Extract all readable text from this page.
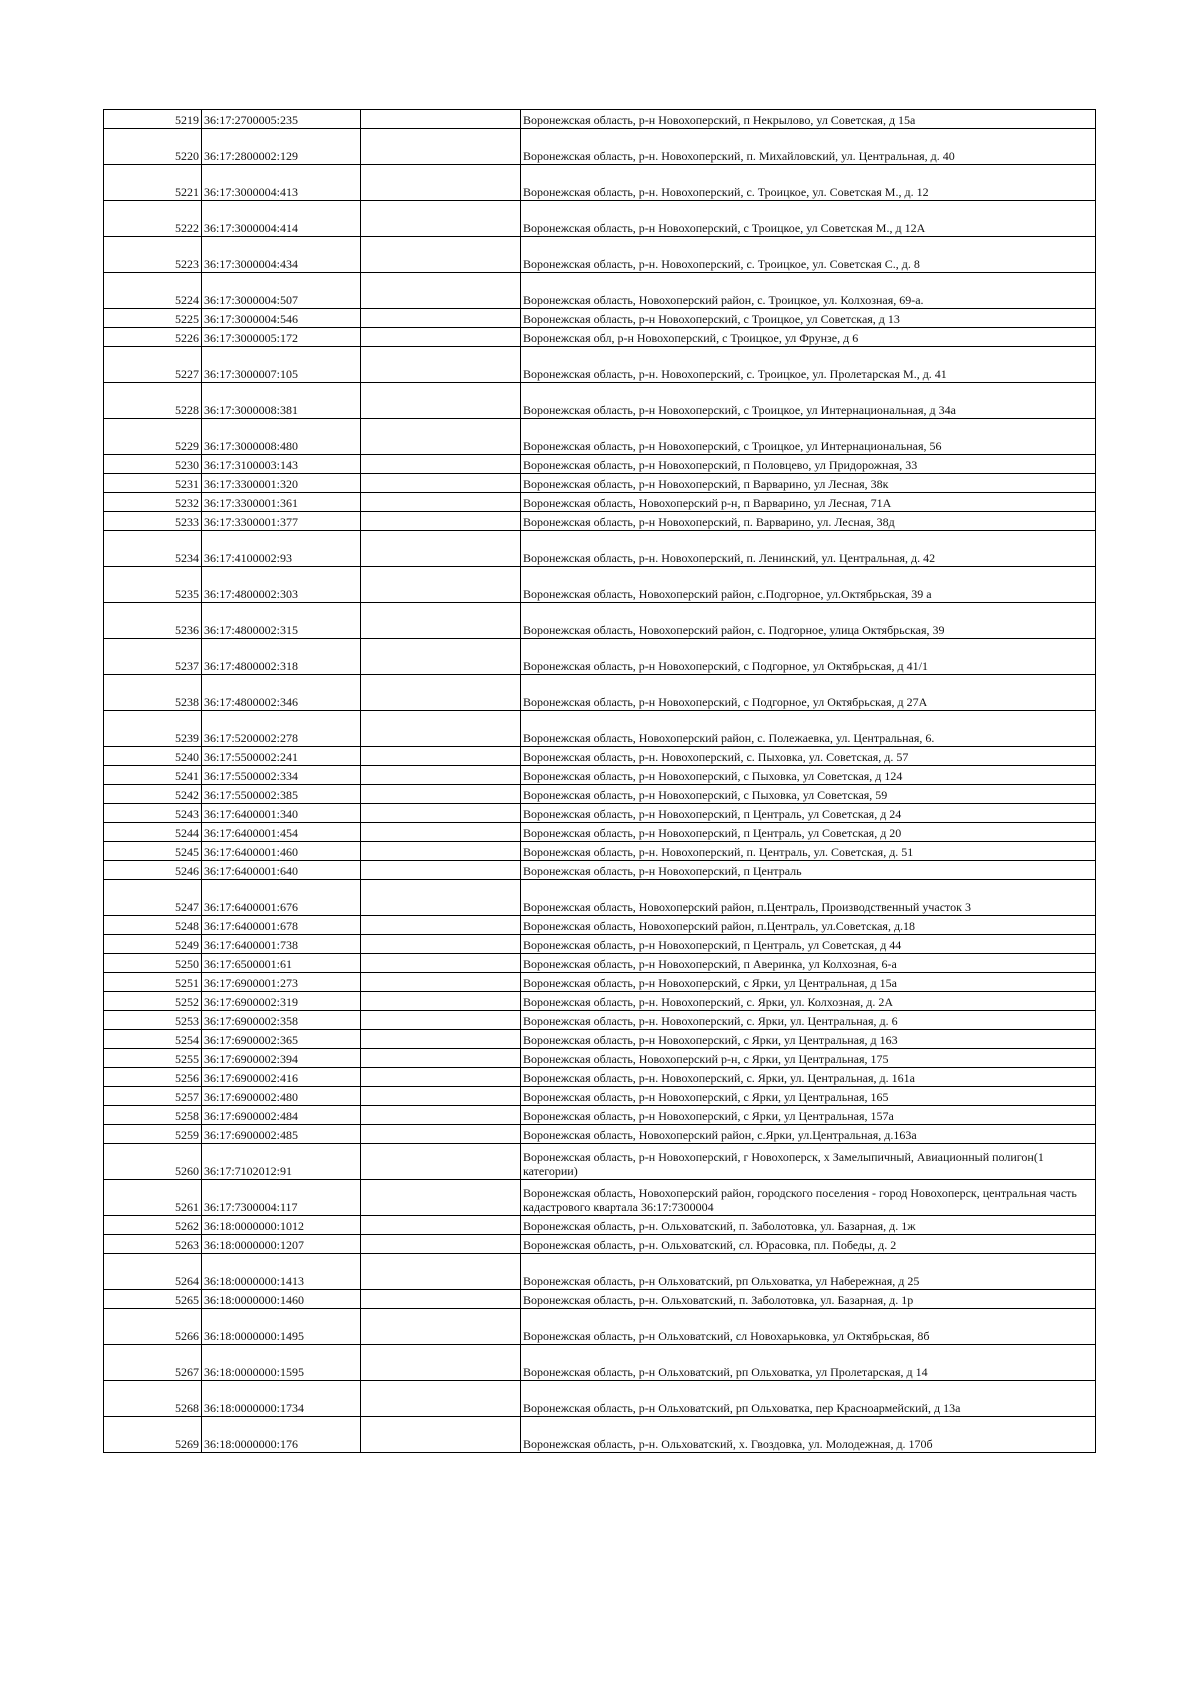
5219	36:17:2700005:235		Воронежская область, р-н Новохоперский, п Некрылово, ул Советская, д 15а
5220	36:17:2800002:129		Воронежская область, р-н. Новохоперский, п. Михайловский, ул. Центральная, д. 40
5221	36:17:3000004:413		Воронежская область, р-н. Новохоперский, с. Троицкое, ул. Советская М., д. 12
5222	36:17:3000004:414		Воронежская область, р-н Новохоперский, с Троицкое, ул Советская М., д 12А
5223	36:17:3000004:434		Воронежская область, р-н. Новохоперский, с. Троицкое, ул. Советская С., д. 8
5224	36:17:3000004:507		Воронежская область, Новохоперский район, с. Троицкое, ул. Колхозная, 69-а.
5225	36:17:3000004:546		Воронежская область, р-н Новохоперский, с Троицкое, ул Советская, д 13
5226	36:17:3000005:172		Воронежская обл, р-н Новохоперский, с Троицкое, ул Фрунзе, д 6
5227	36:17:3000007:105		Воронежская область, р-н. Новохоперский, с. Троицкое, ул. Пролетарская М., д. 41
5228	36:17:3000008:381		Воронежская область, р-н Новохоперский, с Троицкое, ул Интернациональная, д 34а
5229	36:17:3000008:480		Воронежская область, р-н Новохоперский, с Троицкое, ул Интернациональная, 56
5230	36:17:3100003:143		Воронежская область, р-н Новохоперский, п Половцево, ул Придорожная, 33
5231	36:17:3300001:320		Воронежская область, р-н Новохоперский, п Варварино, ул Лесная, 38к
5232	36:17:3300001:361		Воронежская область, Новохоперский р-н, п Варварино, ул Лесная, 71А
5233	36:17:3300001:377		Воронежская область, р-н Новохоперский, п. Варварино, ул. Лесная, 38д
5234	36:17:4100002:93		Воронежская область, р-н. Новохоперский, п. Ленинский, ул. Центральная, д. 42
5235	36:17:4800002:303		Воронежская область, Новохоперский район, с.Подгорное, ул.Октябрьская, 39 а
5236	36:17:4800002:315		Воронежская область, Новохоперский район, с. Подгорное, улица Октябрьская, 39
5237	36:17:4800002:318		Воронежская область, р-н Новохоперский, с Подгорное, ул Октябрьская, д 41/1
5238	36:17:4800002:346		Воронежская область, р-н Новохоперский, с Подгорное, ул Октябрьская, д 27А
5239	36:17:5200002:278		Воронежская область, Новохоперский район, с. Полежаевка, ул. Центральная, 6.
5240	36:17:5500002:241		Воронежская область, р-н. Новохоперский, с. Пыховка, ул. Советская, д. 57
5241	36:17:5500002:334		Воронежская область, р-н Новохоперский, с Пыховка, ул Советская, д 124
5242	36:17:5500002:385		Воронежская область, р-н Новохоперский, с Пыховка, ул Советская, 59
5243	36:17:6400001:340		Воронежская область, р-н Новохоперский, п Централь, ул Советская, д 24
5244	36:17:6400001:454		Воронежская область, р-н Новохоперский, п Централь, ул Советская, д 20
5245	36:17:6400001:460		Воронежская область, р-н. Новохоперский, п. Централь, ул. Советская, д. 51
5246	36:17:6400001:640		Воронежская область, р-н Новохоперский, п Централь
5247	36:17:6400001:676		Воронежская область, Новохоперский район, п.Централь, Производственный участок 3
5248	36:17:6400001:678		Воронежская область, Новохоперский район, п.Централь, ул.Советская, д.18
5249	36:17:6400001:738		Воронежская область, р-н Новохоперский, п Централь, ул Советская, д 44
5250	36:17:6500001:61		Воронежская область, р-н Новохоперский, п Аверинка, ул Колхозная, 6-а
5251	36:17:6900001:273		Воронежская область, р-н Новохоперский, с Ярки, ул Центральная, д 15а
5252	36:17:6900002:319		Воронежская область, р-н. Новохоперский, с. Ярки, ул. Колхозная, д. 2А
5253	36:17:6900002:358		Воронежская область, р-н. Новохоперский, с. Ярки, ул. Центральная, д. 6
5254	36:17:6900002:365		Воронежская область, р-н Новохоперский, с Ярки, ул Центральная, д 163
5255	36:17:6900002:394		Воронежская область, Новохоперский р-н, с Ярки, ул Центральная, 175
5256	36:17:6900002:416		Воронежская область, р-н. Новохоперский, с. Ярки, ул. Центральная, д. 161а
5257	36:17:6900002:480		Воронежская область, р-н Новохоперский, с Ярки, ул Центральная, 165
5258	36:17:6900002:484		Воронежская область, р-н Новохоперский, с Ярки, ул Центральная, 157а
5259	36:17:6900002:485		Воронежская область, Новохоперский район, с.Ярки, ул.Центральная, д.163а
5260	36:17:7102012:91		Воронежская область, р-н Новохоперский, г Новохоперск, х Замелыпичный, Авиационный полигон(1 категории)
5261	36:17:7300004:117		Воронежская область, Новохоперский район, городского поселения - город Новохоперск, центральная часть кадастрового квартала 36:17:7300004
5262	36:18:0000000:1012		Воронежская область, р-н. Ольховатский, п. Заболотовка, ул. Базарная, д. 1ж
5263	36:18:0000000:1207		Воронежская область, р-н. Ольховатский, сл. Юрасовка, пл. Победы, д. 2
5264	36:18:0000000:1413		Воронежская область, р-н Ольховатский, рп Ольховатка, ул Набережная, д 25
5265	36:18:0000000:1460		Воронежская область, р-н. Ольховатский, п. Заболотовка, ул. Базарная, д. 1р
5266	36:18:0000000:1495		Воронежская область, р-н Ольховатский, сл Новохарьковка, ул Октябрьская, 8б
5267	36:18:0000000:1595		Воронежская область, р-н Ольховатский, рп Ольховатка, ул Пролетарская, д 14
5268	36:18:0000000:1734		Воронежская область, р-н Ольховатский, рп Ольховатка, пер Красноармейский, д 13а
5269	36:18:0000000:176		Воронежская область, р-н. Ольховатский, х. Гвоздовка, ул. Молодежная, д. 170б
